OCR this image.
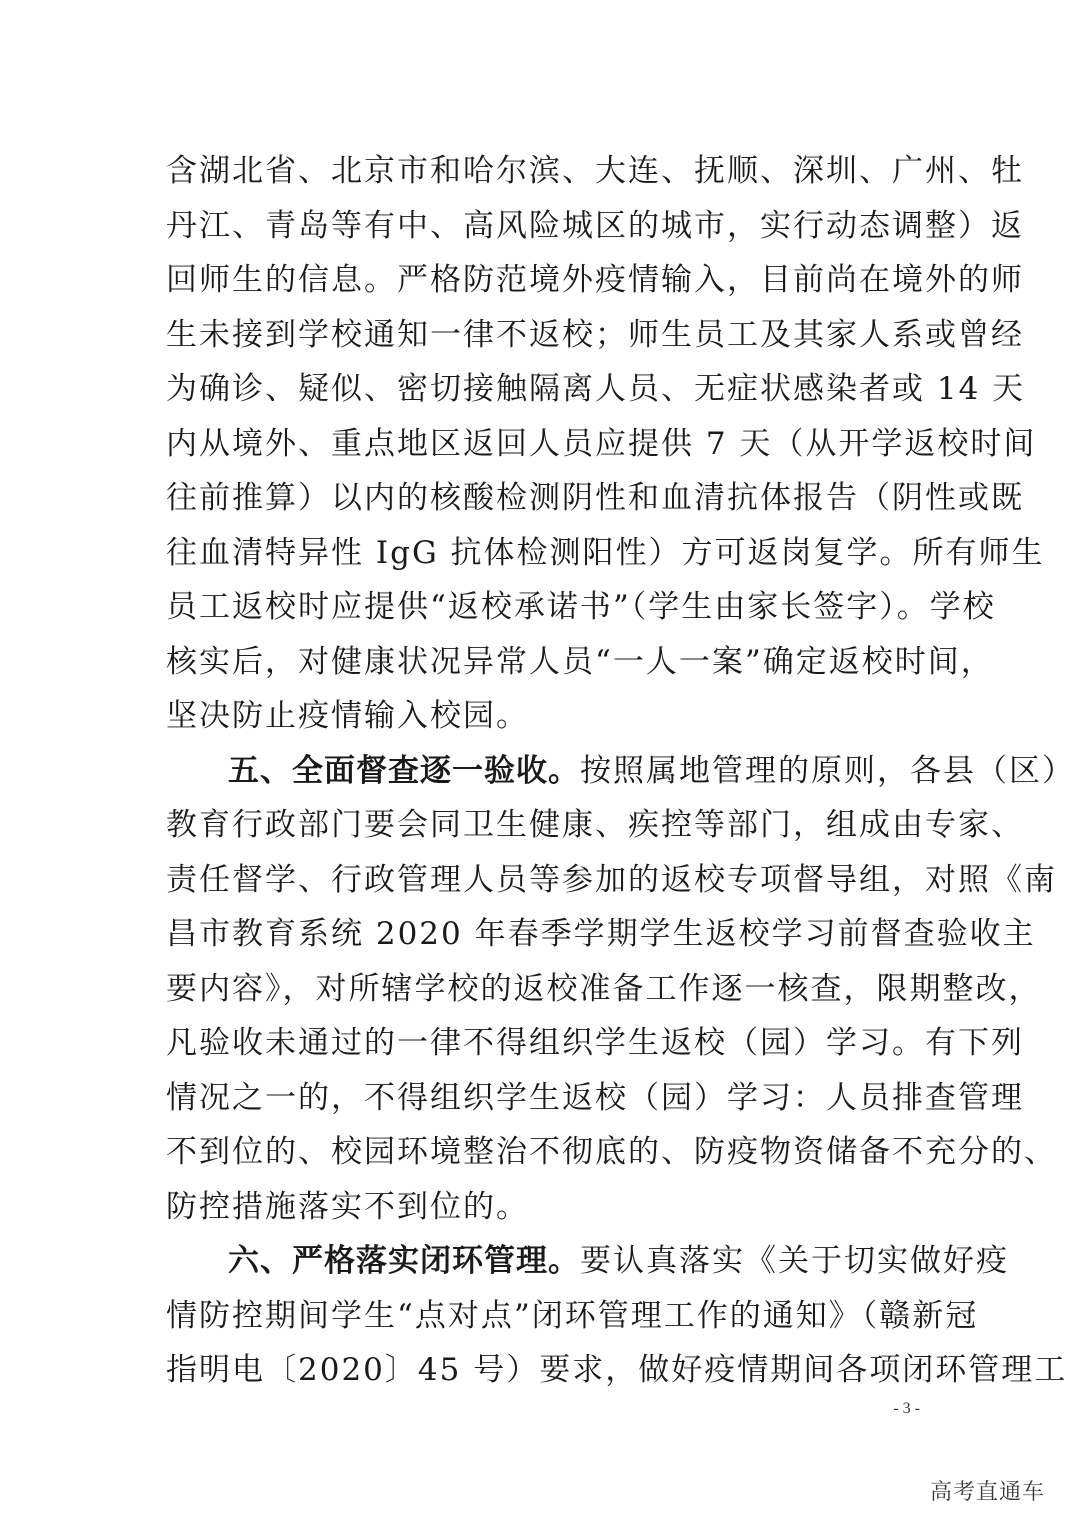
含湖北省、北京市和哈尔滨、大连、抚顺、深圳、广州、牡
丹江、青岛等有中、高风险城区的城市，实行动态调整）返
回师生的信息。严格防范境外疫情输入，目前尚在境外的师
生未接到学校通知一律不返校；师生员工及其家人系或曾经
为确诊、疑似、密切接触隔离人员、无症状感染者或 14 天
内从境外、重点地区返回人员应提供 7 天（从开学返校时间
往前推算）以内的核酸检测阴性和血清抗体报告（阴性或既
往血清特异性 IgG 抗体检测阳性）方可返岗复学。所有师生
员工返校时应提供“返校承诺书”（学生由家长签字）。学校
核实后，对健康状况异常人员“一人一案”确定返校时间，
坚决防止疫情输入校园。
五、全面督查逐一验收。按照属地管理的原则，各县（区）
教育行政部门要会同卫生健康、疾控等部门，组成由专家、
责任督学、行政管理人员等参加的返校专项督导组，对照《南
昌市教育系统 2020 年春季学期学生返校学习前督查验收主
要内容》，对所辖学校的返校准备工作逐一核查，限期整改，
凡验收未通过的一律不得组织学生返校（园）学习。有下列
情况之一的，不得组织学生返校（园）学习：人员排查管理
不到位的、校园环境整治不彻底的、防疫物资储备不充分的、
防控措施落实不到位的。
六、严格落实闭环管理。要认真落实《关于切实做好疫
情防控期间学生“点对点”闭环管理工作的通知》（赣新冠
指明电〔2020〕45 号）要求，做好疫情期间各项闭环管理工
- 3 -
高考直通车
